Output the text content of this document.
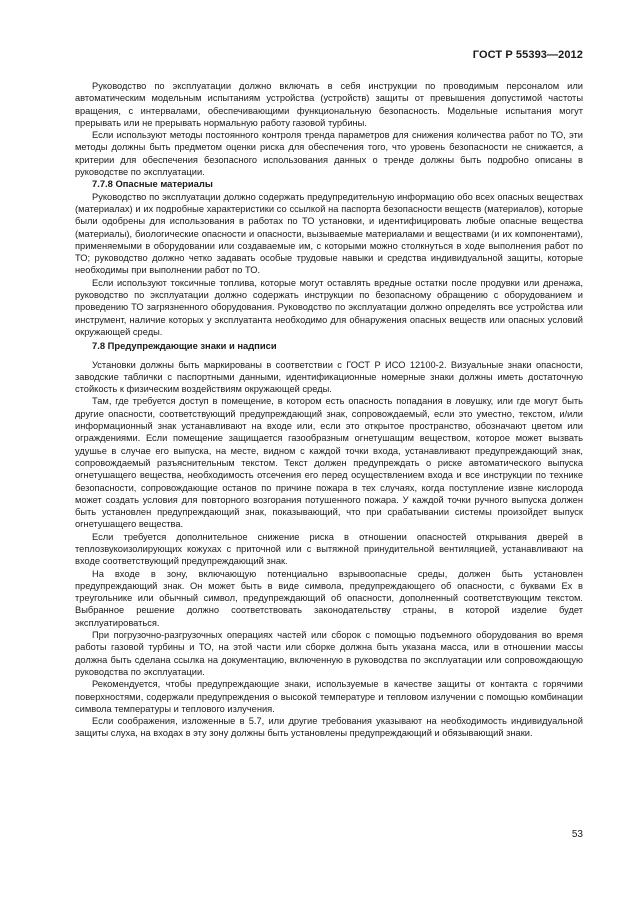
ГОСТ Р 55393—2012

Руководство по эксплуатации должно включать в себя инструкции по проводимым персоналом или автоматическим модельным испытаниям устройства (устройств) защиты от превышения допустимой частоты вращения, с интервалами, обеспечивающими функциональную безопасность. Модельные испытания могут прерывать или не прерывать нормальную работу газовой турбины.

Если используют методы постоянного контроля тренда параметров для снижения количества работ по ТО, эти методы должны быть предметом оценки риска для обеспечения того, что уровень безопасности не снижается, а критерии для обеспечения безопасного использования данных о тренде должны быть подробно описаны в руководстве по эксплуатации.

7.7.8 Опасные материалы

Руководство по эксплуатации должно содержать предупредительную информацию обо всех опасных веществах (материалах) и их подробные характеристики со ссылкой на паспорта безопасности веществ (материалов), которые были одобрены для использования в работах по ТО установки, и идентифицировать любые опасные вещества (материалы), биологические опасности и опасности, вызываемые материалами и веществами (и их компонентами), применяемыми в оборудовании или создаваемые им, с которыми можно столкнуться в ходе выполнения работ по ТО; руководство должно четко задавать особые трудовые навыки и средства индивидуальной защиты, которые необходимы при выполнении работ по ТО.

Если используют токсичные топлива, которые могут оставлять вредные остатки после продувки или дренажа, руководство по эксплуатации должно содержать инструкции по безопасному обращению с оборудованием и проведению ТО загрязненного оборудования. Руководство по эксплуатации должно определять все устройства или инструмент, наличие которых у эксплуатанта необходимо для обнаружения опасных веществ или опасных условий окружающей среды.

7.8 Предупреждающие знаки и надписи

Установки должны быть маркированы в соответствии с ГОСТ Р ИСО 12100-2. Визуальные знаки опасности, заводские таблички с паспортными данными, идентификационные номерные знаки должны иметь достаточную стойкость к физическим воздействиям окружающей среды.

Там, где требуется доступ в помещение, в котором есть опасность попадания в ловушку, или где могут быть другие опасности, соответствующий предупреждающий знак, сопровождаемый, если это уместно, текстом, и/или информационный знак устанавливают на входе или, если это открытое пространство, обозначают цветом или ограждениями. Если помещение защищается газообразным огнетушащим веществом, которое может вызвать удушье в случае его выпуска, на месте, видном с каждой точки входа, устанавливают предупреждающий знак, сопровождаемый разъяснительным текстом. Текст должен предупреждать о риске автоматического выпуска огнетушащего вещества, необходимость отсечения его перед осуществлением входа и все инструкции по технике безопасности, сопровождающие останов по причине пожара в тех случаях, когда поступление извне кислорода может создать условия для повторного возгорания потушенного пожара. У каждой точки ручного выпуска должен быть установлен предупреждающий знак, показывающий, что при срабатывании системы произойдет выпуск огнетушащего вещества.

Если требуется дополнительное снижение риска в отношении опасностей открывания дверей в теплозвукоизолирующих кожухах с приточной или с вытяжной принудительной вентиляцией, устанавливают на входе соответствующий предупреждающий знак.

На входе в зону, включающую потенциально взрывоопасные среды, должен быть установлен предупреждающий знак. Он может быть в виде символа, предупреждающего об опасности, с буквами Ex в треугольнике или обычный символ, предупреждающий об опасности, дополненный соответствующим текстом. Выбранное решение должно соответствовать законодательству страны, в которой изделие будет эксплуатироваться.

При погрузочно-разгрузочных операциях частей или сборок с помощью подъемного оборудования во время работы газовой турбины и ТО, на этой части или сборке должна быть указана масса, или в отношении массы должна быть сделана ссылка на документацию, включенную в руководства по эксплуатации или сопровождающую руководства по эксплуатации.

Рекомендуется, чтобы предупреждающие знаки, используемые в качестве защиты от контакта с горячими поверхностями, содержали предупреждения о высокой температуре и тепловом излучении с помощью комбинации символа температуры и теплового излучения.

Если соображения, изложенные в 5.7, или другие требования указывают на необходимость индивидуальной защиты слуха, на входах в эту зону должны быть установлены предупреждающий и обязывающий знаки.

53
